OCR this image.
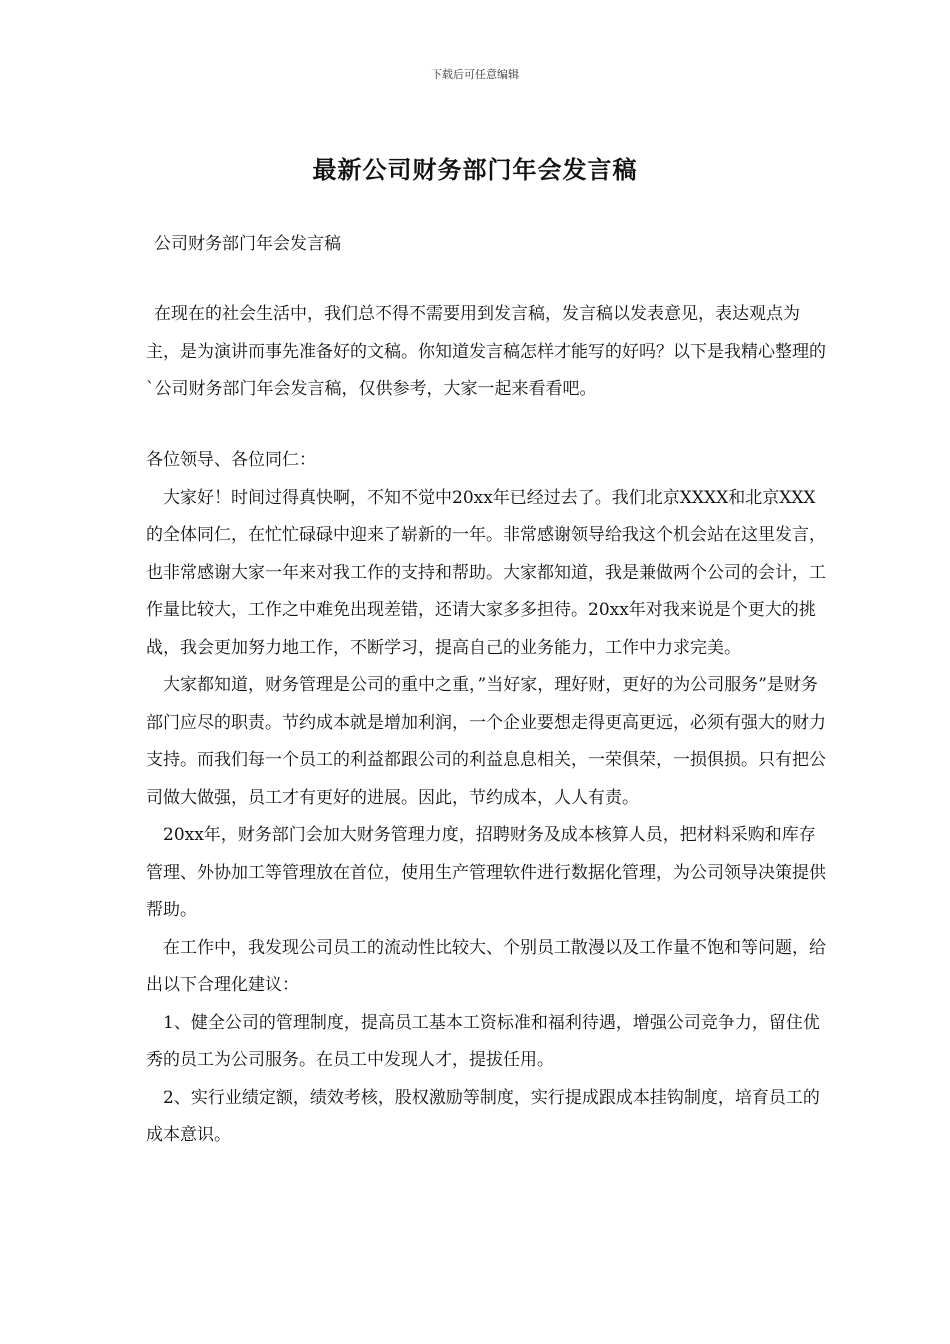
下载后可任意编辑
最新公司财务部门年会发言稿

公司财务部门年会发言稿

在现在的社会生活中，我们总不得不需要用到发言稿，发言稿以发表意见，表达观点为主，是为演讲而事先准备好的文稿。你知道发言稿怎样才能写的好吗？以下是我精心整理的`公司财务部门年会发言稿，仅供参考，大家一起来看看吧。

各位领导、各位同仁：

大家好！时间过得真快啊，不知不觉中20xx年已经过去了。我们北京XXXX和北京XXX的全体同仁，在忙忙碌碌中迎来了崭新的一年。非常感谢领导给我这个机会站在这里发言，也非常感谢大家一年来对我工作的支持和帮助。大家都知道，我是兼做两个公司的会计，工作量比较大，工作之中难免出现差错，还请大家多多担待。20xx年对我来说是个更大的挑战，我会更加努力地工作，不断学习，提高自己的业务能力，工作中力求完美。

大家都知道，财务管理是公司的重中之重，”当好家，理好财，更好的为公司服务”是财务部门应尽的职责。节约成本就是增加利润，一个企业要想走得更高更远，必须有强大的财力支持。而我们每一个员工的利益都跟公司的利益息息相关，一荣俱荣，一损俱损。只有把公司做大做强，员工才有更好的进展。因此，节约成本，人人有责。

20xx年，财务部门会加大财务管理力度，招聘财务及成本核算人员，把材料采购和库存管理、外协加工等管理放在首位，使用生产管理软件进行数据化管理，为公司领导决策提供帮助。

在工作中，我发现公司员工的流动性比较大、个别员工散漫以及工作量不饱和等问题，给出以下合理化建议：

1、健全公司的管理制度，提高员工基本工资标准和福利待遇，增强公司竞争力，留住优秀的员工为公司服务。在员工中发现人才，提拔任用。

2、实行业绩定额，绩效考核，股权激励等制度，实行提成跟成本挂钩制度，培育员工的成本意识。
